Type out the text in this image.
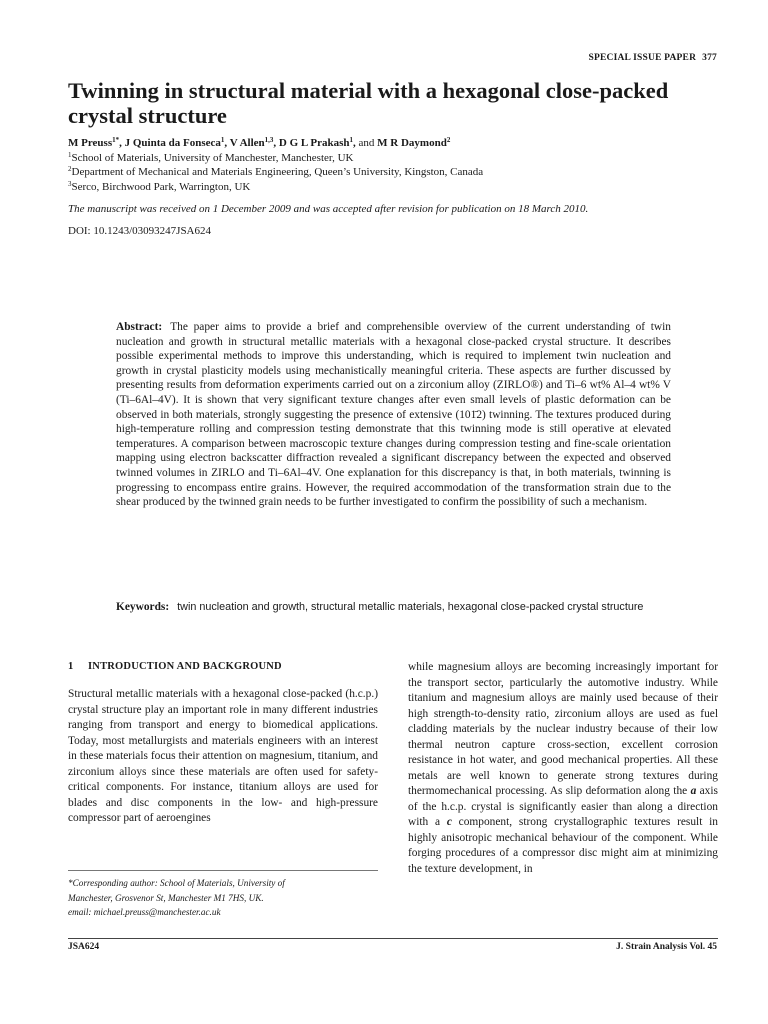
SPECIAL ISSUE PAPER 377
Twinning in structural material with a hexagonal close-packed crystal structure
M Preuss$^{1*}$, J Quinta da Fonseca$^1$, V Allen$^{1,3}$, D G L Prakash$^1$, and M R Daymond$^2$
$^1$School of Materials, University of Manchester, Manchester, UK
$^2$Department of Mechanical and Materials Engineering, Queen’s University, Kingston, Canada
$^3$Serco, Birchwood Park, Warrington, UK
The manuscript was received on 1 December 2009 and was accepted after revision for publication on 18 March 2010.
DOI: 10.1243/03093247JSA624
Abstract: The paper aims to provide a brief and comprehensible overview of the current understanding of twin nucleation and growth in structural metallic materials with a hexagonal close-packed crystal structure. It describes possible experimental methods to improve this understanding, which is required to implement twin nucleation and growth in crystal plasticity models using mechanistically meaningful criteria. These aspects are further discussed by presenting results from deformation experiments carried out on a zirconium alloy (ZIRLO®) and Ti–6 wt% Al–4 wt% V (Ti–6Al–4V). It is shown that very significant texture changes after even small levels of plastic deformation can be observed in both materials, strongly suggesting the presence of extensive (101̄2) twinning. The textures produced during high-temperature rolling and compression testing demonstrate that this twinning mode is still operative at elevated temperatures. A comparison between macroscopic texture changes during compression testing and fine-scale orientation mapping using electron backscatter diffraction revealed a significant discrepancy between the expected and observed twinned volumes in ZIRLO and Ti–6Al–4V. One explanation for this discrepancy is that, in both materials, twinning is progressing to encompass entire grains. However, the required accommodation of the transformation strain due to the shear produced by the twinned grain needs to be further investigated to confirm the possibility of such a mechanism.
Keywords: twin nucleation and growth, structural metallic materials, hexagonal close-packed crystal structure
1 INTRODUCTION AND BACKGROUND
Structural metallic materials with a hexagonal close-packed (h.c.p.) crystal structure play an important role in many different industries ranging from transport and energy to biomedical applications. Today, most metallurgists and materials engineers with an interest in these materials focus their attention on magnesium, titanium, and zirconium alloys since these materials are often used for safety-critical components. For instance, titanium alloys are used for blades and disc components in the low- and high-pressure compressor part of aeroengines
while magnesium alloys are becoming increasingly important for the transport sector, particularly the automotive industry. While titanium and magnesium alloys are mainly used because of their high strength-to-density ratio, zirconium alloys are used as fuel cladding materials by the nuclear industry because of their low thermal neutron capture cross-section, excellent corrosion resistance in hot water, and good mechanical properties. All these metals are well known to generate strong textures during thermomechanical processing. As slip deformation along the a axis of the h.c.p. crystal is significantly easier than along a direction with a c component, strong crystallographic textures result in highly anisotropic mechanical behaviour of the component. While forging procedures of a compressor disc might aim at minimizing the texture development, in
*Corresponding author: School of Materials, University of
Manchester, Grosvenor St, Manchester M1 7HS, UK.
email: michael.preuss@manchester.ac.uk
JSA624	J. Strain Analysis Vol. 45
